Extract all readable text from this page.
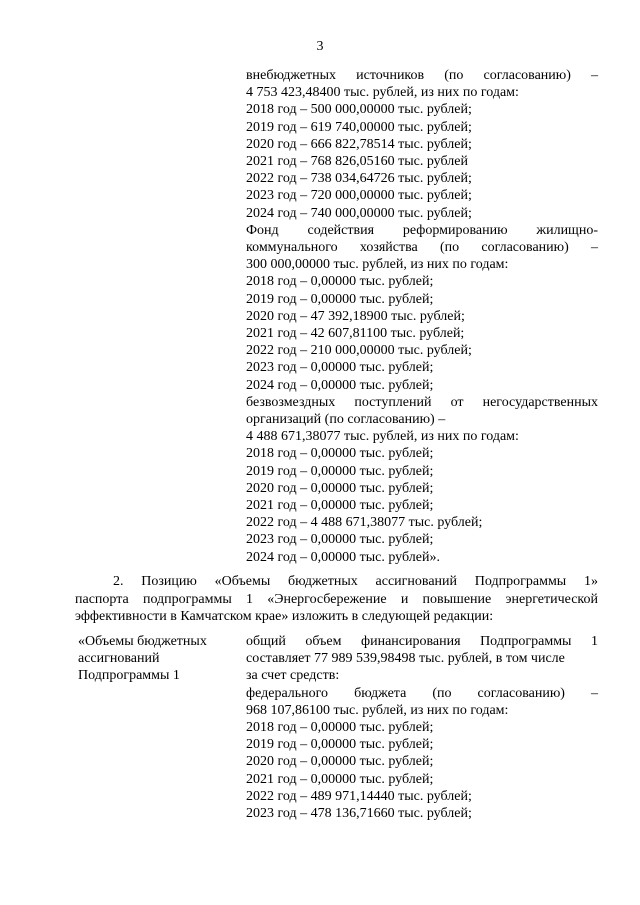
3
внебюджетных источников (по согласованию) –
4 753 423,48400 тыс. рублей, из них по годам:
2018 год – 500 000,00000 тыс. рублей;
2019 год – 619 740,00000 тыс. рублей;
2020 год – 666 822,78514 тыс. рублей;
2021 год – 768 826,05160 тыс. рублей
2022 год – 738 034,64726 тыс. рублей;
2023 год – 720 000,00000 тыс. рублей;
2024 год – 740 000,00000 тыс. рублей;
Фонд содействия реформированию жилищно-
коммунального хозяйства (по согласованию) –
300 000,00000 тыс. рублей, из них по годам:
2018 год – 0,00000 тыс. рублей;
2019 год – 0,00000 тыс. рублей;
2020 год – 47 392,18900 тыс. рублей;
2021 год – 42 607,81100 тыс. рублей;
2022 год – 210 000,00000 тыс. рублей;
2023 год – 0,00000 тыс. рублей;
2024 год – 0,00000 тыс. рублей;
безвозмездных поступлений от негосударственных
организаций (по согласованию) –
4 488 671,38077 тыс. рублей, из них по годам:
2018 год – 0,00000 тыс. рублей;
2019 год – 0,00000 тыс. рублей;
2020 год – 0,00000 тыс. рублей;
2021 год – 0,00000 тыс. рублей;
2022 год – 4 488 671,38077 тыс. рублей;
2023 год – 0,00000 тыс. рублей;
2024 год – 0,00000 тыс. рублей».
2. Позицию «Объемы бюджетных ассигнований Подпрограммы 1»
паспорта подпрограммы 1 «Энергосбережение и повышение энергетической
эффективности в Камчатском крае» изложить в следующей редакции:
«Объемы бюджетных
ассигнований
Подпрограммы 1
общий объем финансирования Подпрограммы 1
составляет 77 989 539,98498 тыс. рублей, в том числе
за счет средств:
федерального бюджета (по согласованию) –
968 107,86100 тыс. рублей, из них по годам:
2018 год – 0,00000 тыс. рублей;
2019 год – 0,00000 тыс. рублей;
2020 год – 0,00000 тыс. рублей;
2021 год – 0,00000 тыс. рублей;
2022 год – 489 971,14440 тыс. рублей;
2023 год – 478 136,71660 тыс. рублей;
